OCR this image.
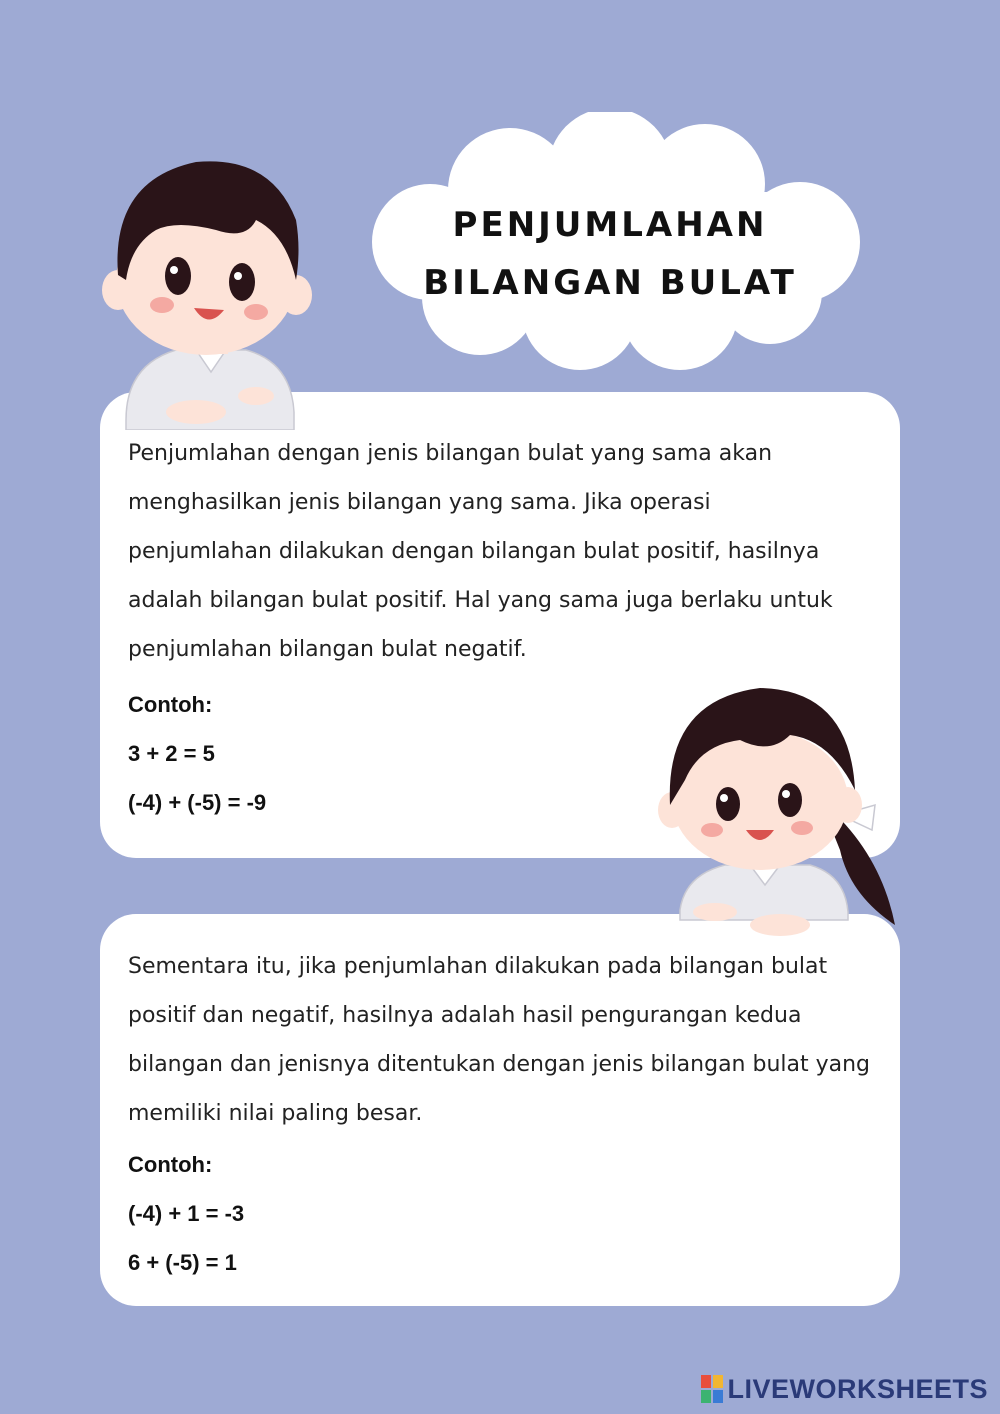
PENJUMLAHAN
BILANGAN BULAT

Penjumlahan dengan jenis bilangan bulat yang sama akan menghasilkan jenis bilangan yang sama. Jika operasi penjumlahan dilakukan dengan bilangan bulat positif, hasilnya adalah bilangan bulat positif. Hal yang sama juga berlaku untuk penjumlahan bilangan bulat negatif.

Contoh:

3 + 2 = 5

(-4) + (-5) = -9

Sementara itu, jika penjumlahan dilakukan pada bilangan bulat positif dan negatif, hasilnya adalah hasil pengurangan kedua bilangan dan jenisnya ditentukan dengan jenis bilangan bulat yang memiliki nilai paling besar.

Contoh:

(-4) + 1 = -3

6 + (-5) = 1

LIVEWORKSHEETS
